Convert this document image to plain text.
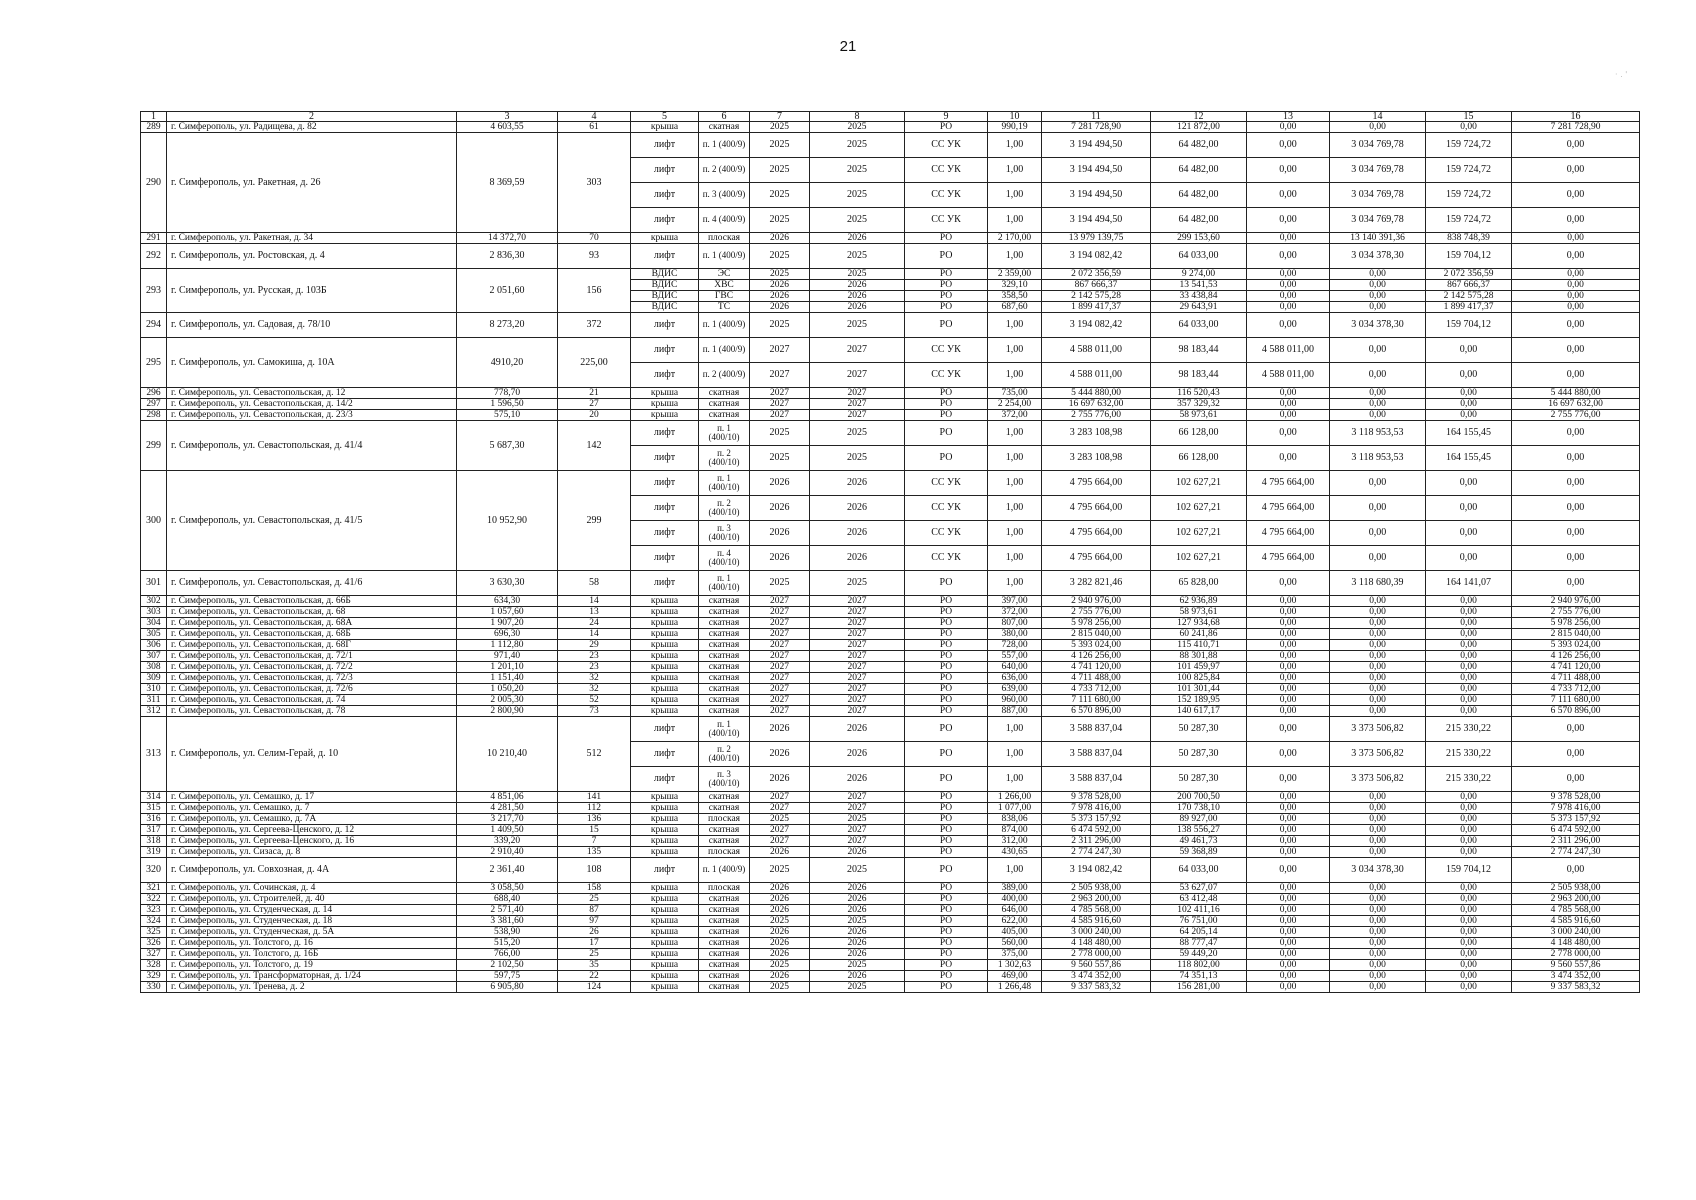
21
1	2	3	4	5	6	7	8	9	10	11	12	13	14	15	16
289	г. Симферополь, ул. Радищева, д. 82	4 603,55	61	крыша	скатная	2025	2025	РО	990,19	7 281 728,90	121 872,00	0,00	0,00	0,00	7 281 728,90
290	г. Симферополь, ул. Ракетная, д. 26	8 369,59	303	лифт	п. 1 (400/9)	2025	2025	СС УК	1,00	3 194 494,50	64 482,00	0,00	3 034 769,78	159 724,72	0,00
				лифт	п. 2 (400/9)	2025	2025	СС УК	1,00	3 194 494,50	64 482,00	0,00	3 034 769,78	159 724,72	0,00
				лифт	п. 3 (400/9)	2025	2025	СС УК	1,00	3 194 494,50	64 482,00	0,00	3 034 769,78	159 724,72	0,00
				лифт	п. 4 (400/9)	2025	2025	СС УК	1,00	3 194 494,50	64 482,00	0,00	3 034 769,78	159 724,72	0,00
291	г. Симферополь, ул. Ракетная, д. 34	14 372,70	70	крыша	плоская	2026	2026	РО	2 170,00	13 979 139,75	299 153,60	0,00	13 140 391,36	838 748,39	0,00
292	г. Симферополь, ул. Ростовская, д. 4	2 836,30	93	лифт	п. 1 (400/9)	2025	2025	РО	1,00	3 194 082,42	64 033,00	0,00	3 034 378,30	159 704,12	0,00
293	г. Симферополь, ул. Русская, д. 103Б	2 051,60	156	ВДИС	ЭС	2025	2025	РО	2 359,00	2 072 356,59	9 274,00	0,00	0,00	2 072 356,59	0,00
				ВДИС	ХВС	2026	2026	РО	329,10	867 666,37	13 541,53	0,00	0,00	867 666,37	0,00
				ВДИС	ГВС	2026	2026	РО	358,50	2 142 575,28	33 438,84	0,00	0,00	2 142 575,28	0,00
				ВДИС	ТС	2026	2026	РО	687,60	1 899 417,37	29 643,91	0,00	0,00	1 899 417,37	0,00
294	г. Симферополь, ул. Садовая, д. 78/10	8 273,20	372	лифт	п. 1 (400/9)	2025	2025	РО	1,00	3 194 082,42	64 033,00	0,00	3 034 378,30	159 704,12	0,00
295	г. Симферополь, ул. Самокиша, д. 10А	4910,20	225,00	лифт	п. 1 (400/9)	2027	2027	СС УК	1,00	4 588 011,00	98 183,44	4 588 011,00	0,00	0,00	0,00
				лифт	п. 2 (400/9)	2027	2027	СС УК	1,00	4 588 011,00	98 183,44	4 588 011,00	0,00	0,00	0,00
296	г. Симферополь, ул. Севастопольская, д. 12	778,70	21	крыша	скатная	2027	2027	РО	735,00	5 444 880,00	116 520,43	0,00	0,00	0,00	5 444 880,00
297	г. Симферополь, ул. Севастопольская, д. 14/2	1 596,50	27	крыша	скатная	2027	2027	РО	2 254,00	16 697 632,00	357 329,32	0,00	0,00	0,00	16 697 632,00
298	г. Симферополь, ул. Севастопольская, д. 23/3	575,10	20	крыша	скатная	2027	2027	РО	372,00	2 755 776,00	58 973,61	0,00	0,00	0,00	2 755 776,00
299	г. Симферополь, ул. Севастопольская, д. 41/4	5 687,30	142	лифт	п. 1 (400/10)	2025	2025	РО	1,00	3 283 108,98	66 128,00	0,00	3 118 953,53	164 155,45	0,00
				лифт	п. 2 (400/10)	2025	2025	РО	1,00	3 283 108,98	66 128,00	0,00	3 118 953,53	164 155,45	0,00
300	г. Симферополь, ул. Севастопольская, д. 41/5	10 952,90	299	лифт	п. 1 (400/10)	2026	2026	СС УК	1,00	4 795 664,00	102 627,21	4 795 664,00	0,00	0,00	0,00
				лифт	п. 2 (400/10)	2026	2026	СС УК	1,00	4 795 664,00	102 627,21	4 795 664,00	0,00	0,00	0,00
				лифт	п. 3 (400/10)	2026	2026	СС УК	1,00	4 795 664,00	102 627,21	4 795 664,00	0,00	0,00	0,00
				лифт	п. 4 (400/10)	2026	2026	СС УК	1,00	4 795 664,00	102 627,21	4 795 664,00	0,00	0,00	0,00
301	г. Симферополь, ул. Севастопольская, д. 41/6	3 630,30	58	лифт	п. 1 (400/10)	2025	2025	РО	1,00	3 282 821,46	65 828,00	0,00	3 118 680,39	164 141,07	0,00
302	г. Симферополь, ул. Севастопольская, д. 66Б	634,30	14	крыша	скатная	2027	2027	РО	397,00	2 940 976,00	62 936,89	0,00	0,00	0,00	2 940 976,00
303	г. Симферополь, ул. Севастопольская, д. 68	1 057,60	13	крыша	скатная	2027	2027	РО	372,00	2 755 776,00	58 973,61	0,00	0,00	0,00	2 755 776,00
304	г. Симферополь, ул. Севастопольская, д. 68А	1 907,20	24	крыша	скатная	2027	2027	РО	807,00	5 978 256,00	127 934,68	0,00	0,00	0,00	5 978 256,00
305	г. Симферополь, ул. Севастопольская, д. 68Б	696,30	14	крыша	скатная	2027	2027	РО	380,00	2 815 040,00	60 241,86	0,00	0,00	0,00	2 815 040,00
306	г. Симферополь, ул. Севастопольская, д. 68Г	1 112,80	29	крыша	скатная	2027	2027	РО	728,00	5 393 024,00	115 410,71	0,00	0,00	0,00	5 393 024,00
307	г. Симферополь, ул. Севастопольская, д. 72/1	971,40	23	крыша	скатная	2027	2027	РО	557,00	4 126 256,00	88 301,88	0,00	0,00	0,00	4 126 256,00
308	г. Симферополь, ул. Севастопольская, д. 72/2	1 201,10	23	крыша	скатная	2027	2027	РО	640,00	4 741 120,00	101 459,97	0,00	0,00	0,00	4 741 120,00
309	г. Симферополь, ул. Севастопольская, д. 72/3	1 151,40	32	крыша	скатная	2027	2027	РО	636,00	4 711 488,00	100 825,84	0,00	0,00	0,00	4 711 488,00
310	г. Симферополь, ул. Севастопольская, д. 72/6	1 050,20	32	крыша	скатная	2027	2027	РО	639,00	4 733 712,00	101 301,44	0,00	0,00	0,00	4 733 712,00
311	г. Симферополь, ул. Севастопольская, д. 74	2 005,30	52	крыша	скатная	2027	2027	РО	960,00	7 111 680,00	152 189,95	0,00	0,00	0,00	7 111 680,00
312	г. Симферополь, ул. Севастопольская, д. 78	2 800,90	73	крыша	скатная	2027	2027	РО	887,00	6 570 896,00	140 617,17	0,00	0,00	0,00	6 570 896,00
313	г. Симферополь, ул. Селим-Герай, д. 10	10 210,40	512	лифт	п. 1 (400/10)	2026	2026	РО	1,00	3 588 837,04	50 287,30	0,00	3 373 506,82	215 330,22	0,00
				лифт	п. 2 (400/10)	2026	2026	РО	1,00	3 588 837,04	50 287,30	0,00	3 373 506,82	215 330,22	0,00
				лифт	п. 3 (400/10)	2026	2026	РО	1,00	3 588 837,04	50 287,30	0,00	3 373 506,82	215 330,22	0,00
314	г. Симферополь, ул. Семашко, д. 17	4 851,06	141	крыша	скатная	2027	2027	РО	1 266,00	9 378 528,00	200 700,50	0,00	0,00	0,00	9 378 528,00
315	г. Симферополь, ул. Семашко, д. 7	4 281,50	112	крыша	скатная	2027	2027	РО	1 077,00	7 978 416,00	170 738,10	0,00	0,00	0,00	7 978 416,00
316	г. Симферополь, ул. Семашко, д. 7А	3 217,70	136	крыша	плоская	2025	2025	РО	838,06	5 373 157,92	89 927,00	0,00	0,00	0,00	5 373 157,92
317	г. Симферополь, ул. Сергеева-Ценского, д. 12	1 409,50	15	крыша	скатная	2027	2027	РО	874,00	6 474 592,00	138 556,27	0,00	0,00	0,00	6 474 592,00
318	г. Симферополь, ул. Сергеева-Ценского, д. 16	339,20	7	крыша	скатная	2027	2027	РО	312,00	2 311 296,00	49 461,73	0,00	0,00	0,00	2 311 296,00
319	г. Симферополь, ул. Сизаса, д. 8	2 910,40	135	крыша	плоская	2026	2026	РО	430,65	2 774 247,30	59 368,89	0,00	0,00	0,00	2 774 247,30
320	г. Симферополь, ул. Совхозная, д. 4А	2 361,40	108	лифт	п. 1 (400/9)	2025	2025	РО	1,00	3 194 082,42	64 033,00	0,00	3 034 378,30	159 704,12	0,00
321	г. Симферополь, ул. Сочинская, д. 4	3 058,50	158	крыша	плоская	2026	2026	РО	389,00	2 505 938,00	53 627,07	0,00	0,00	0,00	2 505 938,00
322	г. Симферополь, ул. Строителей, д. 40	688,40	25	крыша	скатная	2026	2026	РО	400,00	2 963 200,00	63 412,48	0,00	0,00	0,00	2 963 200,00
323	г. Симферополь, ул. Студенческая, д. 14	2 571,40	87	крыша	скатная	2026	2026	РО	646,00	4 785 568,00	102 411,16	0,00	0,00	0,00	4 785 568,00
324	г. Симферополь, ул. Студенческая, д. 18	3 381,60	97	крыша	скатная	2025	2025	РО	622,00	4 585 916,60	76 751,00	0,00	0,00	0,00	4 585 916,60
325	г. Симферополь, ул. Студенческая, д. 5А	538,90	26	крыша	скатная	2026	2026	РО	405,00	3 000 240,00	64 205,14	0,00	0,00	0,00	3 000 240,00
326	г. Симферополь, ул. Толстого, д. 16	515,20	17	крыша	скатная	2026	2026	РО	560,00	4 148 480,00	88 777,47	0,00	0,00	0,00	4 148 480,00
327	г. Симферополь, ул. Толстого, д. 16Б	766,00	25	крыша	скатная	2026	2026	РО	375,00	2 778 000,00	59 449,20	0,00	0,00	0,00	2 778 000,00
328	г. Симферополь, ул. Толстого, д. 19	2 102,50	35	крыша	скатная	2025	2025	РО	1 302,63	9 560 557,86	118 802,00	0,00	0,00	0,00	9 560 557,86
329	г. Симферополь, ул. Трансформаторная, д. 1/24	597,75	22	крыша	скатная	2026	2026	РО	469,00	3 474 352,00	74 351,13	0,00	0,00	0,00	3 474 352,00
330	г. Симферополь, ул. Тренева, д. 2	6 905,80	124	крыша	скатная	2025	2025	РО	1 266,48	9 337 583,32	156 281,00	0,00	0,00	0,00	9 337 583,32
· . '
